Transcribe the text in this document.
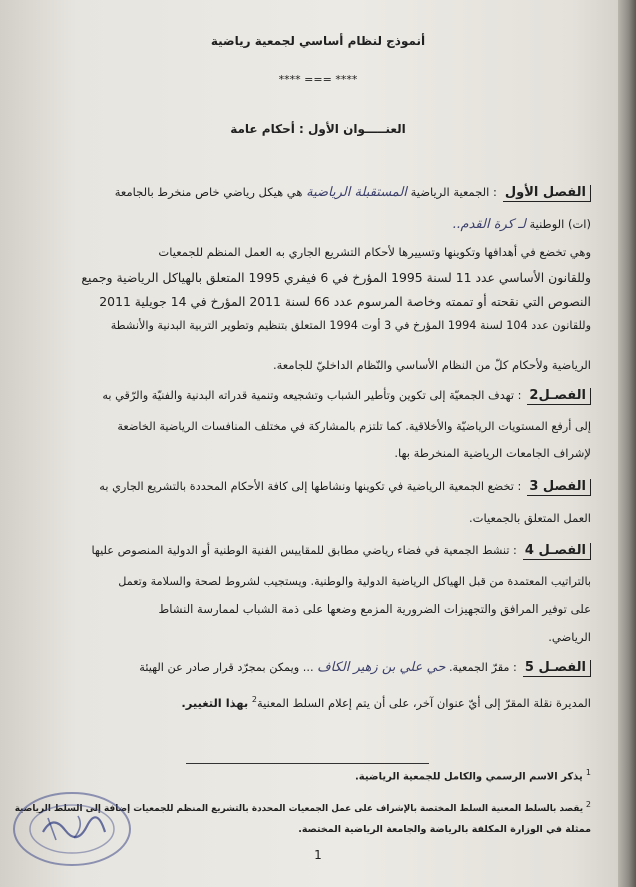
أنموذج لنظام أساسي لجمعية رياضية
**** === ****
العنـــــوان الأول : أحكام عامة
الفصل الأول: الجمعية الرياضية المستقبلة الرياضية هي هيكل رياضي خاص منخرط بالجامعة
(ات) الوطنية لـ كرة القدم..
وهي تخضع في أهدافها وتكوينها وتسييرها لأحكام التشريع الجاري به العمل المنظم للجمعيات
وللقانون الأساسي عدد 11 لسنة 1995 المؤرخ في 6 فيفري 1995 المتعلق بالهياكل الرياضية وجميع
النصوص التي نقحته أو تممته وخاصة المرسوم عدد 66 لسنة 2011 المؤرخ في 14 جويلية 2011
وللقانون عدد 104 لسنة 1994 المؤرخ في 3 أوت 1994 المتعلق بتنظيم وتطوير التربية البدنية والأنشطة
الرياضية ولأحكام كلّ من النظام الأساسي والنّظام الداخليّ للجامعة.
الفصـل2: تهدف الجمعيّة إلى تكوين وتأطير الشباب وتشجيعه وتنمية قدراته البدنية والفنيّة والرّقي به
إلى أرفع المستويات الرياضيّة والأخلاقية. كما تلتزم بالمشاركة في مختلف المنافسات الرياضية الخاضعة
لإشراف الجامعات الرياضية المنخرطة بها.
الفصل 3: تخضع الجمعية الرياضية في تكوينها ونشاطها إلى كافة الأحكام المحددة بالتشريع الجاري به
العمل المتعلق بالجمعيات.
الفصـل 4: تنشط الجمعية في فضاء رياضي مطابق للمقاييس الفنية الوطنية أو الدولية المنصوص عليها
بالتراتيب المعتمدة من قبل الهياكل الرياضية الدولية والوطنية. ويستجيب لشروط لصحة والسلامة وتعمل
على توفير المرافق والتجهيزات الضرورية المزمع وضعها على ذمة الشباب لممارسة النشاط
الرياضي.
الفصـل 5: مقرّ الجمعية. حي علي بن زهير الكاف ... ويمكن بمجرّد قرار صادر عن الهيئة
المديرة نقلة المقرّ إلى أيّ عنوان آخر، على أن يتم إعلام السلط المعنية$^2$ بهذا التغيير.
$^1$ يذكر الاسم الرسمي والكامل للجمعية الرياضية.
2 يقصد بالسلط المعنية السلط المختصة بالإشراف على عمل الجمعيات المحددة بالتشريع المنظم للجمعيات إضافة إلى السلط الرياضية
ممثلة في الوزارة المكلفة بالرياضة والجامعة الرياضية المختصة.
1
